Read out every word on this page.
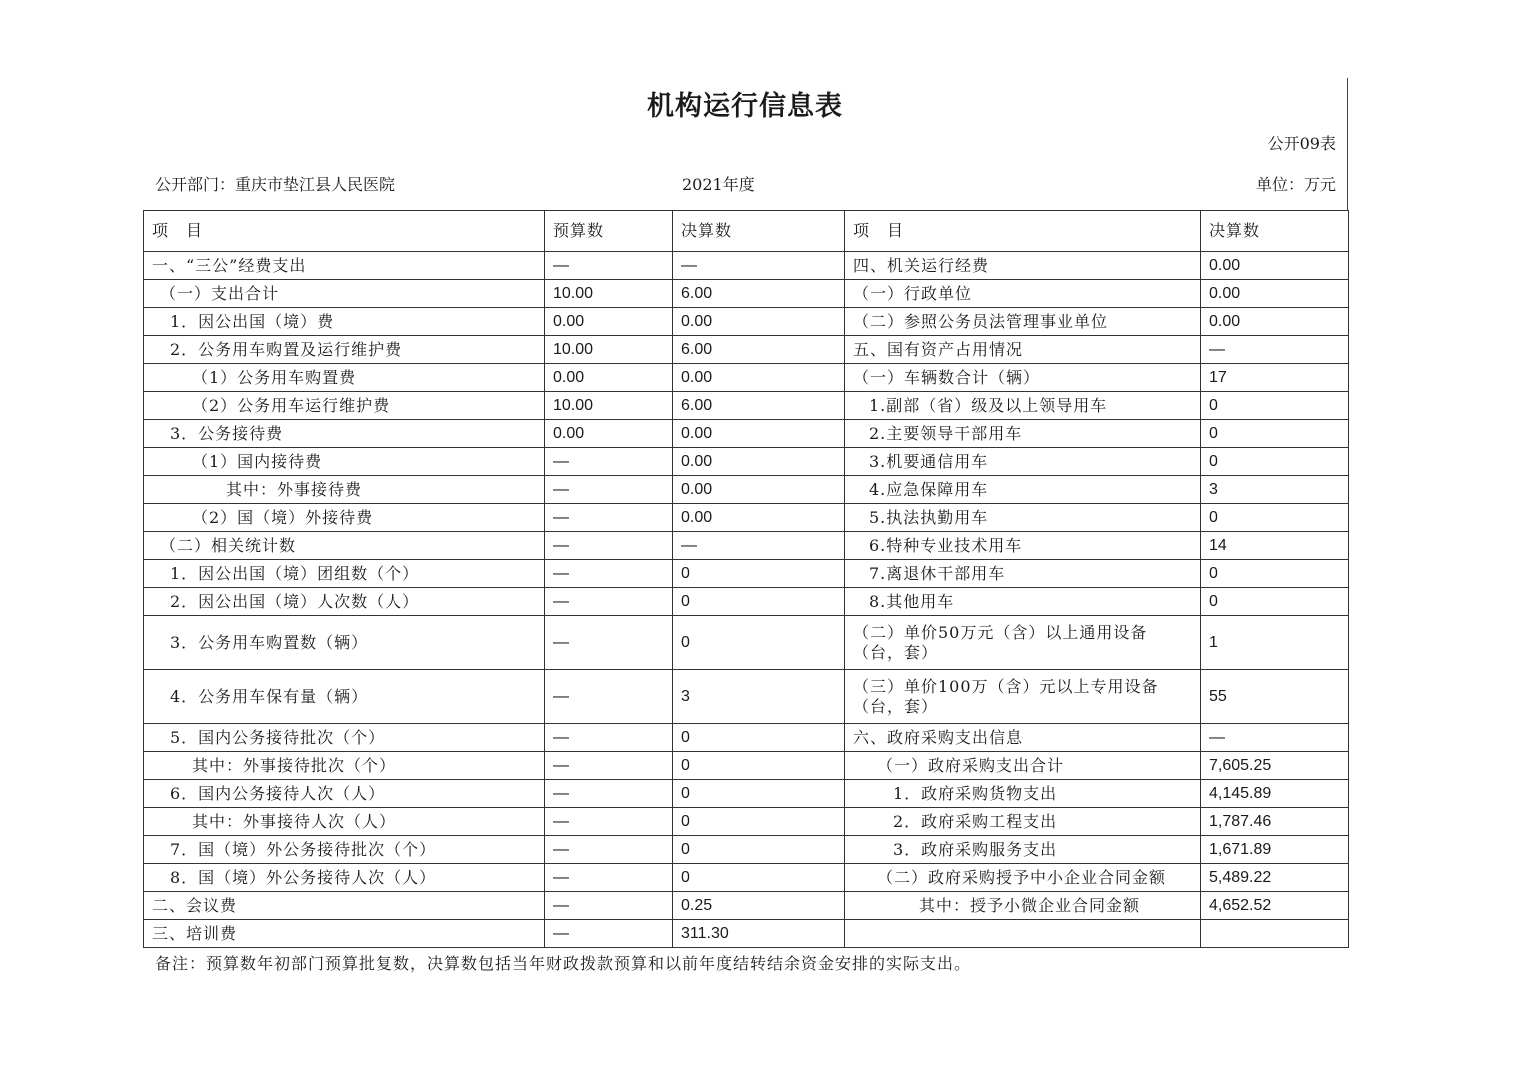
机构运行信息表
公开09表
公开部门：重庆市垫江县人民医院	2021年度	单位：万元
项　目	预算数	决算数	项　目	决算数
一、“三公”经费支出	—	—	四、机关运行经费	0.00
（一）支出合计	10.00	6.00	（一）行政单位	0.00
1．因公出国（境）费	0.00	0.00	（二）参照公务员法管理事业单位	0.00
2．公务用车购置及运行维护费	10.00	6.00	五、国有资产占用情况	—
（1）公务用车购置费	0.00	0.00	（一）车辆数合计（辆）	17
（2）公务用车运行维护费	10.00	6.00	1.副部（省）级及以上领导用车	0
3．公务接待费	0.00	0.00	2.主要领导干部用车	0
（1）国内接待费	—	0.00	3.机要通信用车	0
其中：外事接待费	—	0.00	4.应急保障用车	3
（2）国（境）外接待费	—	0.00	5.执法执勤用车	0
（二）相关统计数	—	—	6.特种专业技术用车	14
1．因公出国（境）团组数（个）	—	0	7.离退休干部用车	0
2．因公出国（境）人次数（人）	—	0	8.其他用车	0
3．公务用车购置数（辆）	—	0	（二）单价50万元（含）以上通用设备（台，套）	1
4．公务用车保有量（辆）	—	3	（三）单价100万（含）元以上专用设备（台，套）	55
5．国内公务接待批次（个）	—	0	六、政府采购支出信息	—
其中：外事接待批次（个）	—	0	（一）政府采购支出合计	7,605.25
6．国内公务接待人次（人）	—	0	1．政府采购货物支出	4,145.89
其中：外事接待人次（人）	—	0	2．政府采购工程支出	1,787.46
7．国（境）外公务接待批次（个）	—	0	3．政府采购服务支出	1,671.89
8．国（境）外公务接待人次（人）	—	0	（二）政府采购授予中小企业合同金额	5,489.22
二、会议费	—	0.25	其中：授予小微企业合同金额	4,652.52
三、培训费	—	311.30		
备注：预算数年初部门预算批复数，决算数包括当年财政拨款预算和以前年度结转结余资金安排的实际支出。
